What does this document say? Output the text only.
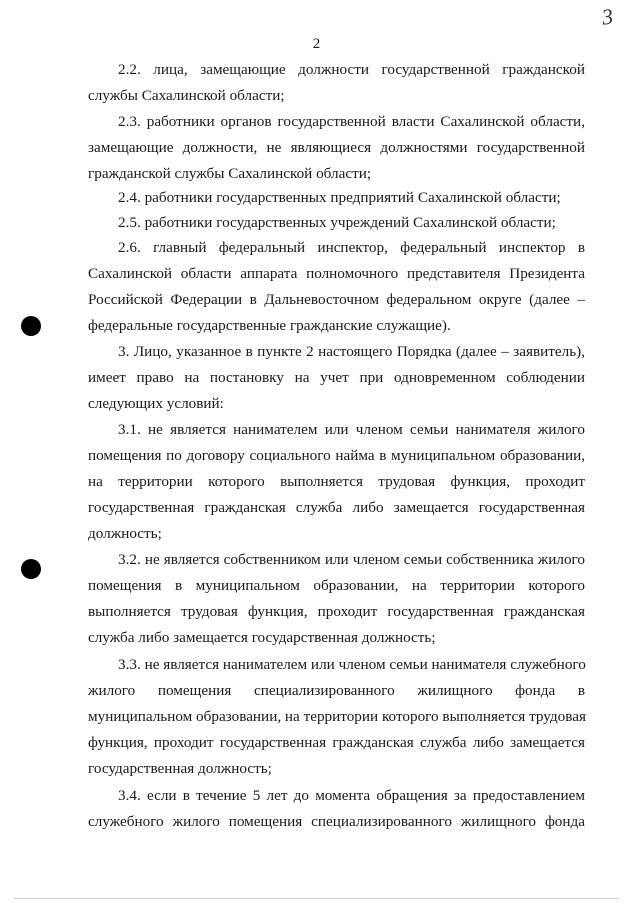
2
3
2.2. лица, замещающие должности государственной гражданской
службы Сахалинской области;
2.3. работники органов государственной власти Сахалинской области,
замещающие должности, не являющиеся должностями государственной
гражданской службы Сахалинской области;
2.4. работники государственных предприятий Сахалинской области;
2.5. работники государственных учреждений Сахалинской области;
2.6. главный федеральный инспектор, федеральный инспектор в
Сахалинской области аппарата полномочного представителя Президента
Российской Федерации в Дальневосточном федеральном округе (далее –
федеральные государственные гражданские служащие).
3. Лицо, указанное в пункте 2 настоящего Порядка (далее – заявитель),
имеет право на постановку на учет при одновременном соблюдении
следующих условий:
3.1. не является нанимателем или членом семьи нанимателя жилого
помещения по договору социального найма в муниципальном образовании,
на территории которого выполняется трудовая функция, проходит
государственная гражданская служба либо замещается государственная
должность;
3.2. не является собственником или членом семьи собственника жилого
помещения в муниципальном образовании, на территории которого
выполняется трудовая функция, проходит государственная гражданская
служба либо замещается государственная должность;
3.3. не является нанимателем или членом семьи нанимателя служебного
жилого помещения специализированного жилищного фонда в
муниципальном образовании, на территории которого выполняется трудовая
функция, проходит государственная гражданская служба либо замещается
государственная должность;
3.4. если в течение 5 лет до момента обращения за предоставлением
служебного жилого помещения специализированного жилищного фонда
